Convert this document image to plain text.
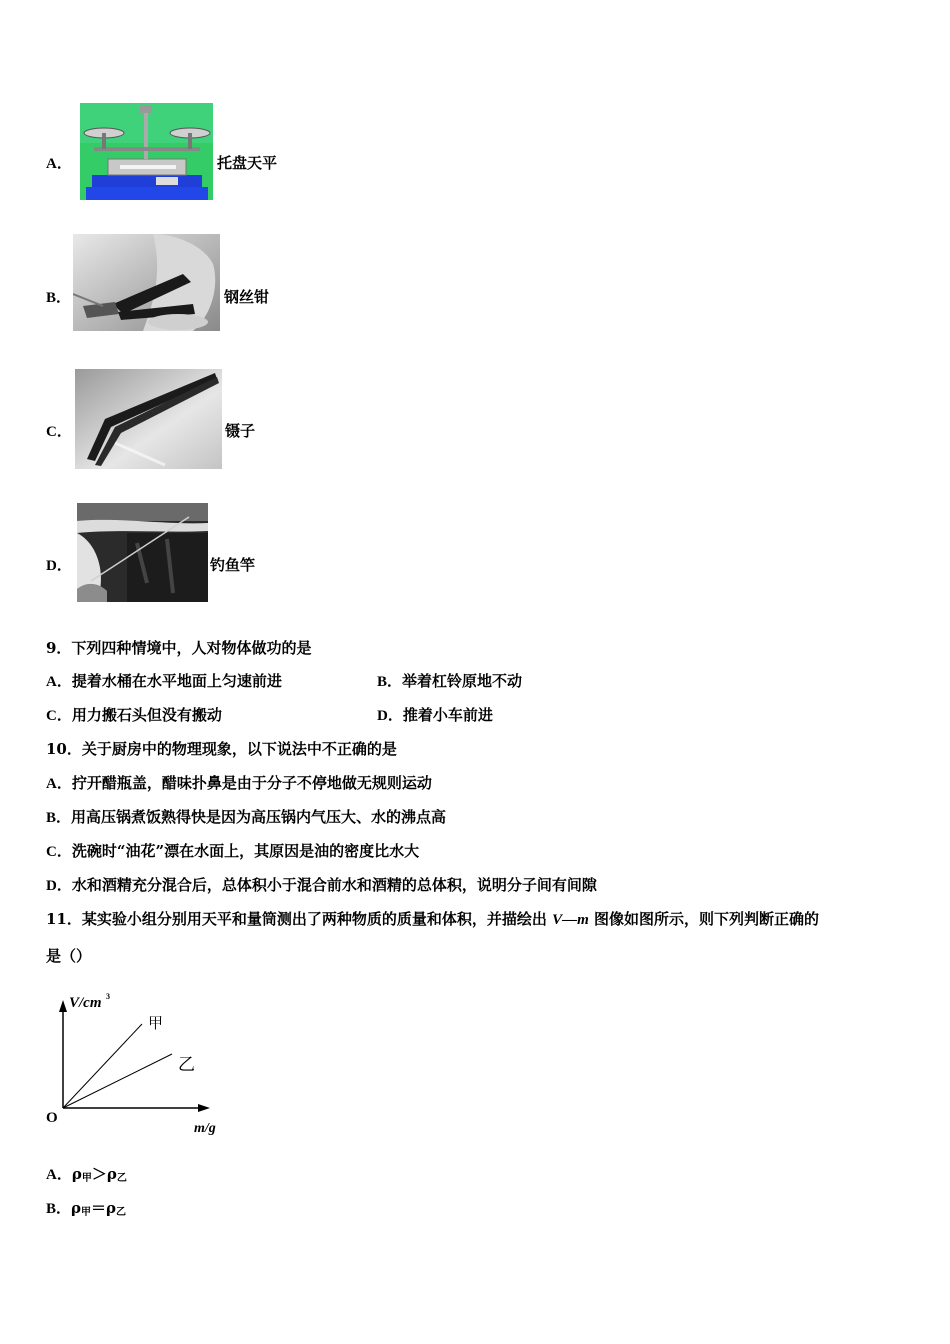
A．	托盘天平
B．	钢丝钳
C．	镊子
D．	钓鱼竿
9．下列四种情境中，人对物体做功的是
A．提着水桶在水平地面上匀速前进	B．举着杠铃原地不动
C．用力搬石头但没有搬动	D．推着小车前进
10．关于厨房中的物理现象，以下说法中不正确的是
A．拧开醋瓶盖，醋味扑鼻是由于分子不停地做无规则运动
B．用高压锅煮饭熟得快是因为高压锅内气压大、水的沸点高
C．洗碗时“油花”漂在水面上，其原因是油的密度比水大
D．水和酒精充分混合后，总体积小于混合前水和酒精的总体积，说明分子间有间隙
11．某实验小组分别用天平和量筒测出了两种物质的质量和体积，并描绘出 V—m 图像如图所示，则下列判断正确的
是（）
V/cm 3
m/g
O
甲
乙
A．$\rho_甲>\rho_乙$
B．$\rho_甲=\rho_乙$
